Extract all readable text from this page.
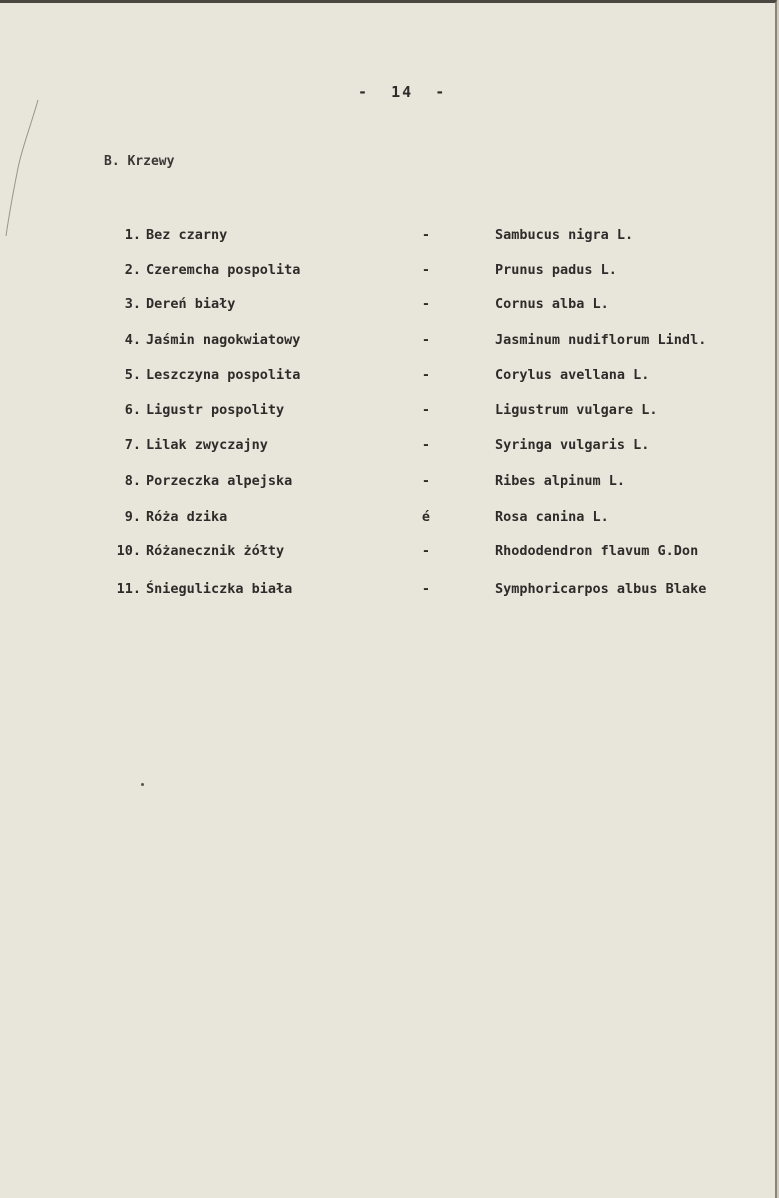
-  14  -
B. Krzewy
1. Bez czarny	-	Sambucus nigra L.
2. Czeremcha pospolita	-	Prunus padus L.
3. Dereń biały	-	Cornus alba L.
4. Jaśmin nagokwiatowy	-	Jasminum nudiflorum Lindl.
5. Leszczyna pospolita	-	Corylus avellana L.
6. Ligustr pospolity	-	Ligustrum vulgare L.
7. Lilak zwyczajny	-	Syringa vulgaris L.
8. Porzeczka alpejska	-	Ribes alpinum L.
9. Róża dzika	é	Rosa canina L.
10. Różanecznik żółty	-	Rhododendron flavum G.Don
11. Śnieguliczka biała	-	Symphoricarpos albus Blake
